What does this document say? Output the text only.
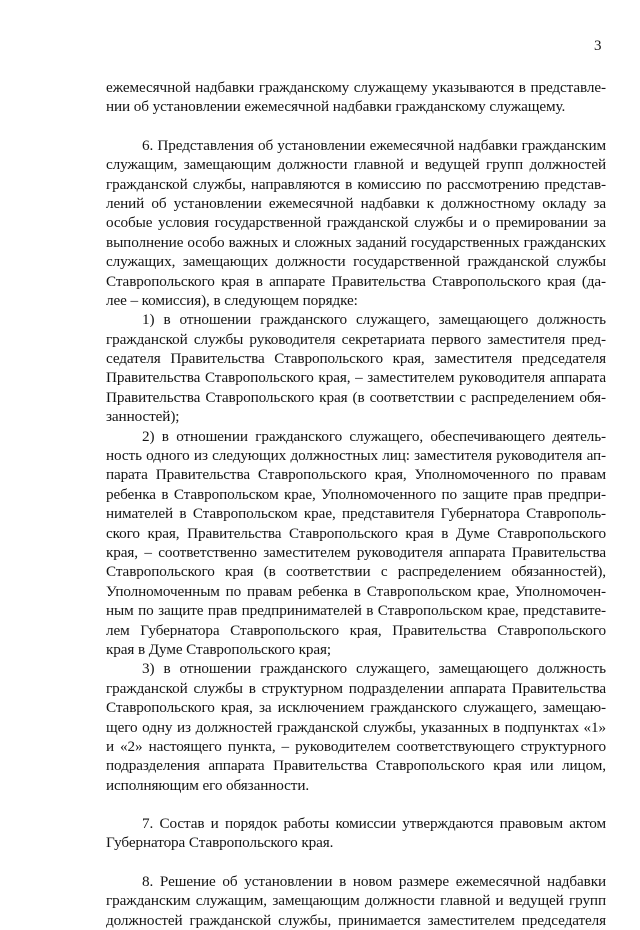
3
ежемесячной надбавки гражданскому служащему указываются в представле-
нии об установлении ежемесячной надбавки гражданскому служащему.
6. Представления об установлении ежемесячной надбавки гражданским
служащим, замещающим должности главной и ведущей групп должностей
гражданской службы, направляются в комиссию по рассмотрению представ-
лений об установлении ежемесячной надбавки к должностному окладу за
особые условия государственной гражданской службы и о премировании за
выполнение особо важных и сложных заданий государственных гражданских
служащих, замещающих должности государственной гражданской службы
Ставропольского края в аппарате Правительства Ставропольского края (да-
лее – комиссия), в следующем порядке:
1) в отношении гражданского служащего, замещающего должность
гражданской службы руководителя секретариата первого заместителя пред-
седателя Правительства Ставропольского края, заместителя председателя
Правительства Ставропольского края, – заместителем руководителя аппарата
Правительства Ставропольского края (в соответствии с распределением обя-
занностей);
2) в отношении гражданского служащего, обеспечивающего деятель-
ность одного из следующих должностных лиц: заместителя руководителя ап-
парата Правительства Ставропольского края, Уполномоченного по правам
ребенка в Ставропольском крае, Уполномоченного по защите прав предпри-
нимателей в Ставропольском крае, представителя Губернатора Ставрополь-
ского края, Правительства Ставропольского края в Думе Ставропольского
края, – соответственно заместителем руководителя аппарата Правительства
Ставропольского края (в соответствии с распределением обязанностей),
Уполномоченным по правам ребенка в Ставропольском крае, Уполномочен-
ным по защите прав предпринимателей в Ставропольском крае, представите-
лем Губернатора Ставропольского края, Правительства Ставропольского
края в Думе Ставропольского края;
3) в отношении гражданского служащего, замещающего должность
гражданской службы в структурном подразделении аппарата Правительства
Ставропольского края, за исключением гражданского служащего, замещаю-
щего одну из должностей гражданской службы, указанных в подпунктах «1»
и «2» настоящего пункта, – руководителем соответствующего структурного
подразделения аппарата Правительства Ставропольского края или лицом,
исполняющим его обязанности.
7. Состав и порядок работы комиссии утверждаются правовым актом
Губернатора Ставропольского края.
8. Решение об установлении в новом размере ежемесячной надбавки
гражданским служащим, замещающим должности главной и ведущей групп
должностей гражданской службы, принимается заместителем председателя
